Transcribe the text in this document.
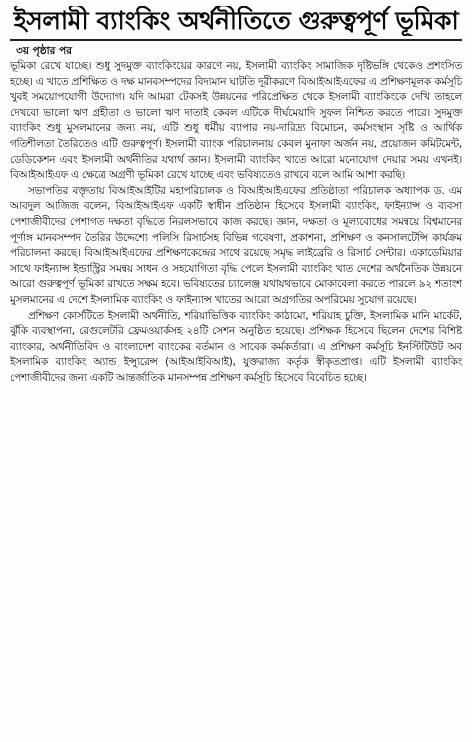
ইসলামী ব্যাংকিং অর্থনীতিতে গুরুত্বপূর্ণ ভূমিকা
৩য় পৃষ্ঠার পর

ভূমিকা রেখে যাচ্ছে। শুধু সুদমুক্ত ব্যাংকিংয়ের কারণে নয়, ইসলামী ব্যাংকিং সামাজিক দৃষ্টিভঙ্গি থেকেও প্রশংসিত হচ্ছে। এ খাতে প্রশিক্ষিত ও দক্ষ মানবসম্পদের বিদ্যমান ঘাটতি দূরীকরণে বিআইআইএফের এ প্রশিক্ষণমূলক কর্মসূচি খুবই সময়োপযোগী উদ্যোগ। যদি আমরা টেকসই উন্নয়নের পরিপ্রেক্ষিত থেকে ইসলামী ব্যাংকিংকে দেখি তাহলে দেখবো ভালো ঋণ গ্রহীতা ও ভালো ঋণ দাতাই কেবল এটিকে দীর্ঘমেয়াদি সুফল নিশ্চিত করতে পারে। সুদমুক্ত ব্যাংকিং শুধু মুসলমানের জন্য নয়, এটি শুধু ধর্মীয় ব্যাপার নয়-দারিদ্র্য বিমোচন, কর্মসংস্থান সৃষ্টি ও আর্থিক গতিশীলতা তৈরিতেও এটি গুরুত্বপূর্ণ। ইসলামী ব্যাংক পরিচালনায় কেবল মুনাফা অর্জন নয়, প্রয়োজন কমিটমেন্ট, ডেডিকেশন এবং ইসলামী অর্থনীতির যথার্থ জ্ঞান। ইসলামী ব্যাংকিং খাতে আরো মনোযোগ দেয়ার সময় এখনই। বিআইআইএফ এ ক্ষেত্রে অগ্রণী ভূমিকা রেখে যাচ্ছে এবং ভবিষ্যতেও রাখবে বলে আমি আশা করছি।

সভাপতির বক্তৃতায় বিআইআইটির মহাপরিচালক ও বিআইআইএফের প্রতিষ্ঠাতা পরিচালক অধ্যাপক ড. এম আবদুল আজিজ বলেন, বিআইআইএফ একটি স্বাধীন প্রতিষ্ঠান হিসেবে ইসলামী ব্যাংকিং, ফাইন্যান্স ও ব্যবসা পেশাজীবীদের পেশাগত দক্ষতা বৃদ্ধিতে নিরলসভাবে কাজ করছে। জ্ঞান, দক্ষতা ও মূল্যবোধের সমন্বয়ে বিশ্বমানের পূর্ণাঙ্গ মানবসম্পদ তৈরির উদ্দেশ্যে পলিসি রিসার্চসহ বিভিন্ন গবেষণা, প্রকাশনা, প্রশিক্ষণ ও কনসালটেন্সি কার্যক্রম পরিচালনা করছে। বিআইআইএফের প্রশিক্ষণকেন্দ্রের সাথে রয়েছে সমৃদ্ধ লাইব্রেরি ও রিসার্চ সেন্টার। একাডেমিয়ার সাথে ফাইন্যান্স ইন্ডাস্ট্রির সমন্বয় সাধন ও সহযোগিতা বৃদ্ধি পেলে ইসলামী ব্যাংকিং খাত দেশের অর্থনৈতিক উন্নয়নে আরো গুরুত্বপূর্ণ ভূমিকা রাখতে সক্ষম হবে। ভবিষ্যতের চ্যালেঞ্জ যথাযথভাবে মোকাবেলা করতে পারলে ৯২ শতাংশ মুসলমানের এ দেশে ইসলামিক ব্যাংকিং ও ফাইন্যান্স খাতের আরো অগ্রগতির অপরিমেয় সুযোগ রয়েছে।

প্রশিক্ষণ কোর্সটিতে ইসলামী অর্থনীতি, শরিয়াভিত্তিক ব্যাংকিং কাঠামো, শরিয়াহ চুক্তি, ইসলামিক মানি মার্কেট, ঝুঁকি ব্যবস্থাপনা, রেগুলেটরি ফ্রেমওয়ার্কসহ ২৪টি সেশন অনুষ্ঠিত হয়েছে। প্রশিক্ষক হিসেবে ছিলেন দেশের বিশিষ্ট ব্যাংকার, অর্থনীতিবিদ ও বাংলাদেশ ব্যাংকের বর্তমান ও সাবেক কর্মকর্তারা। এ প্রশিক্ষণ কর্মসূচি ইনস্টিটিউট অব ইসলামিক ব্যাংকিং অ্যান্ড ইন্স্যুরেন্স (আইআইবিআই), যুক্তরাজ্য কর্তৃক স্বীকৃতপ্রাপ্ত। এটি ইসলামী ব্যাংকিং পেশাজীবীদের জন্য একটি আন্তর্জাতিক মানসম্পন্ন প্রশিক্ষণ কর্মসূচি হিসেবে বিবেচিত হচ্ছে।
